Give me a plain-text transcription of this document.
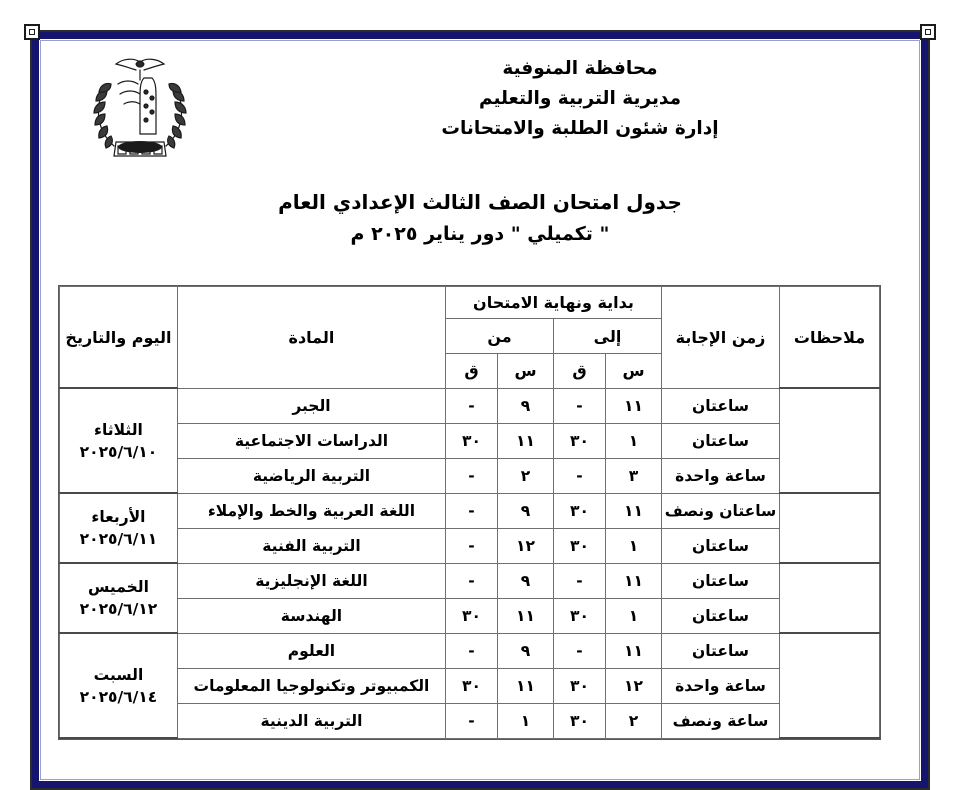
محافظة المنوفية
مديرية التربية والتعليم
إدارة شئون الطلبة والامتحانات
جدول امتحان الصف الثالث الإعدادي العام
" تكميلي " دور يناير ٢٠٢٥ م
ملاحظات	زمن الإجابة	بداية ونهاية الامتحان				المادة	اليوم والتاريخ
		إلى		من			
		س	ق	س	ق		
	ساعتان	١١	-	٩	-	الجبر	الثلاثاء
٢٠٢٥/٦/١٠

	ساعتان	١	٣٠	١١	٣٠	الدراسات الاجتماعية	
	ساعة واحدة	٣	-	٢	-	التربية الرياضية	
	ساعتان ونصف	١١	٣٠	٩	-	اللغة العربية والخط والإملاء	الأربعاء
٢٠٢٥/٦/١١

	ساعتان	١	٣٠	١٢	-	التربية الفنية	
	ساعتان	١١	-	٩	-	اللغة الإنجليزية	الخميس
٢٠٢٥/٦/١٢

	ساعتان	١	٣٠	١١	٣٠	الهندسة	
	ساعتان	١١	-	٩	-	العلوم	السبت
٢٠٢٥/٦/١٤

	ساعة واحدة	١٢	٣٠	١١	٣٠	الكمبيوتر وتكنولوجيا المعلومات	
	ساعة ونصف	٢	٣٠	١	-	التربية الدينية	
